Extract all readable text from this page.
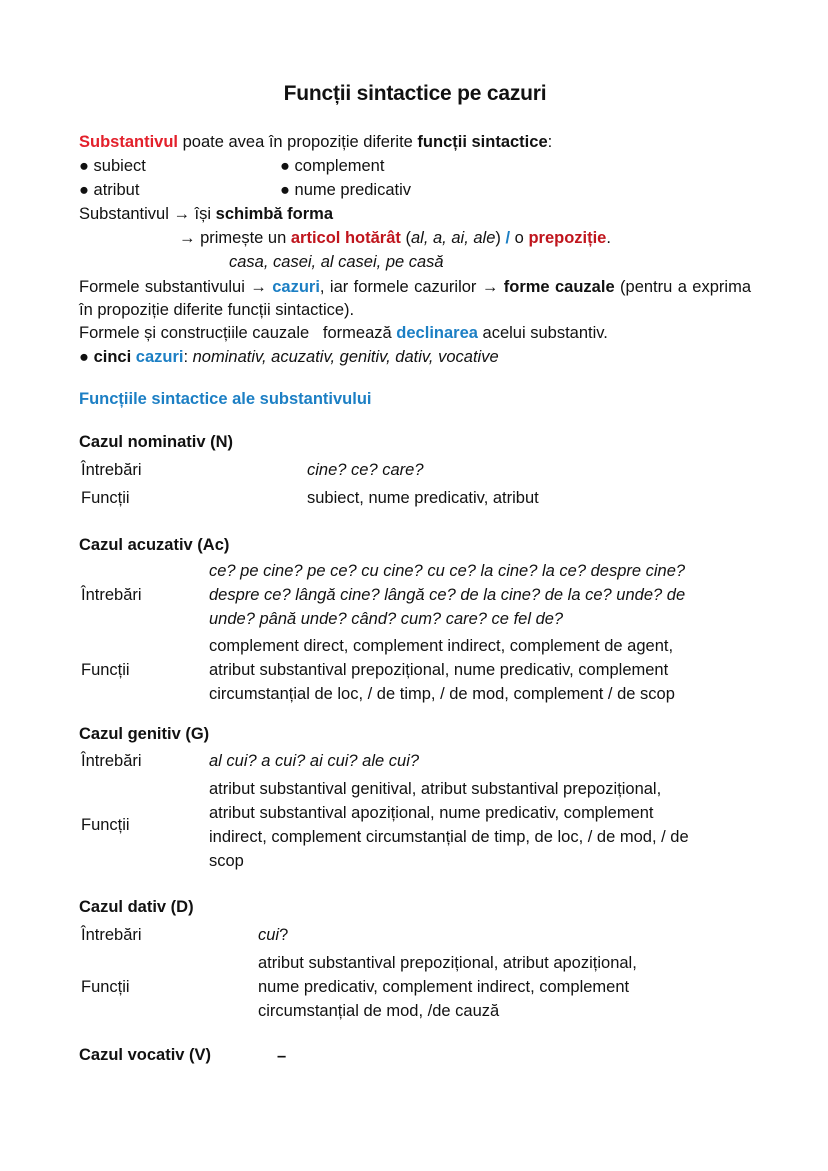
Funcții sintactice pe cazuri
Substantivul poate avea în propoziție diferite funcții sintactice:
● subiect	● complement
● atribut	● nume predicativ
Substantivul → își schimbă forma
→ primește un articol hotărât (al, a, ai, ale) / o prepoziție.
casa, casei, al casei, pe casă
Formele substantivului → cazuri, iar formele cazurilor → forme cauzale (pentru a exprima în propoziție diferite funcții sintactice).
Formele și construcțiile cauzale   formează declinarea acelui substantiv.
● cinci cazuri: nominativ, acuzativ, genitiv, dativ, vocative
Funcțiile sintactice ale substantivului
Cazul nominativ (N)
Întrebări	cine? ce? care?
Funcții	subiect, nume predicativ, atribut
Cazul acuzativ (Ac)
Întrebări
ce? pe cine? pe ce? cu cine? cu ce? la cine? la ce? despre cine?
despre ce? lângă cine? lângă ce? de la cine? de la ce? unde? de
unde? până unde? când? cum? care? ce fel de?
Funcții
complement direct, complement indirect, complement de agent,
atribut substantival prepozițional, nume predicativ, complement
circumstanțial de loc, / de timp, / de mod, complement / de scop
Cazul genitiv (G)
Întrebări	al cui? a cui? ai cui? ale cui?
Funcții
atribut substantival genitival, atribut substantival prepozițional,
atribut substantival apozițional, nume predicativ, complement
indirect, complement circumstanțial de timp, de loc, / de mod, / de
scop
Cazul dativ (D)
Întrebări	cui?
Funcții
atribut substantival prepozițional, atribut apozițional,
nume predicativ, complement indirect, complement
circumstanțial de mod, /de cauză
Cazul vocativ (V)	–
